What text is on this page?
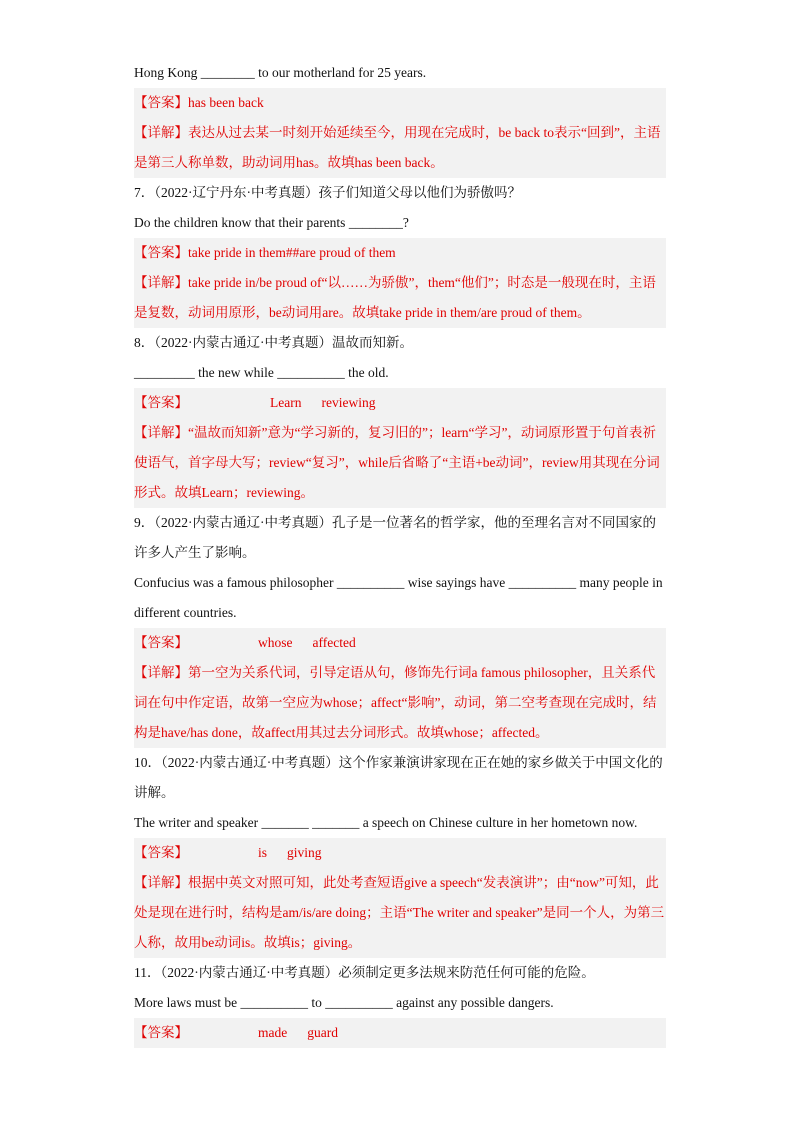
Hong Kong ________ to our motherland for 25 years.
【答案】has been back
【详解】表达从过去某一时刻开始延续至今，用现在完成时，be back to表示“回到”，主语是第三人称单数，助动词用has。故填has been back。
7．（2022·辽宁丹东·中考真题）孩子们知道父母以他们为骄傲吗？
Do the children know that their parents ________?
【答案】take pride in them##are proud of them
【详解】take pride in/be proud of“以……为骄傲”，them“他们”；时态是一般现在时，主语是复数，动词用原形，be动词用are。故填take pride in them/are proud of them。
8．（2022·内蒙古通辽·中考真题）温故而知新。
_________ the new while __________ the old.
【答案】	Learn reviewing
【详解】“温故而知新”意为“学习新的，复习旧的”；learn“学习”，动词原形置于句首表祈使语气，首字母大写；review“复习”，while后省略了“主语+be动词”，review用其现在分词形式。故填Learn；reviewing。
9．（2022·内蒙古通辽·中考真题）孔子是一位著名的哲学家，他的至理名言对不同国家的许多人产生了影响。
Confucius was a famous philosopher __________ wise sayings have __________ many people in different countries.
【答案】	whose affected
【详解】第一空为关系代词，引导定语从句，修饰先行词a famous philosopher，且关系代词在句中作定语，故第一空应为whose；affect“影响”，动词，第二空考查现在完成时，结构是have/has done，故affect用其过去分词形式。故填whose；affected。
10．（2022·内蒙古通辽·中考真题）这个作家兼演讲家现在正在她的家乡做关于中国文化的讲解。
The writer and speaker _______ _______ a speech on Chinese culture in her hometown now.
【答案】	is giving
【详解】根据中英文对照可知，此处考查短语give a speech“发表演讲”；由“now”可知，此处是现在进行时，结构是am/is/are doing；主语“The writer and speaker”是同一个人，为第三人称，故用be动词is。故填is；giving。
11．（2022·内蒙古通辽·中考真题）必须制定更多法规来防范任何可能的危险。
More laws must be __________ to __________ against any possible dangers.
【答案】	made guard
